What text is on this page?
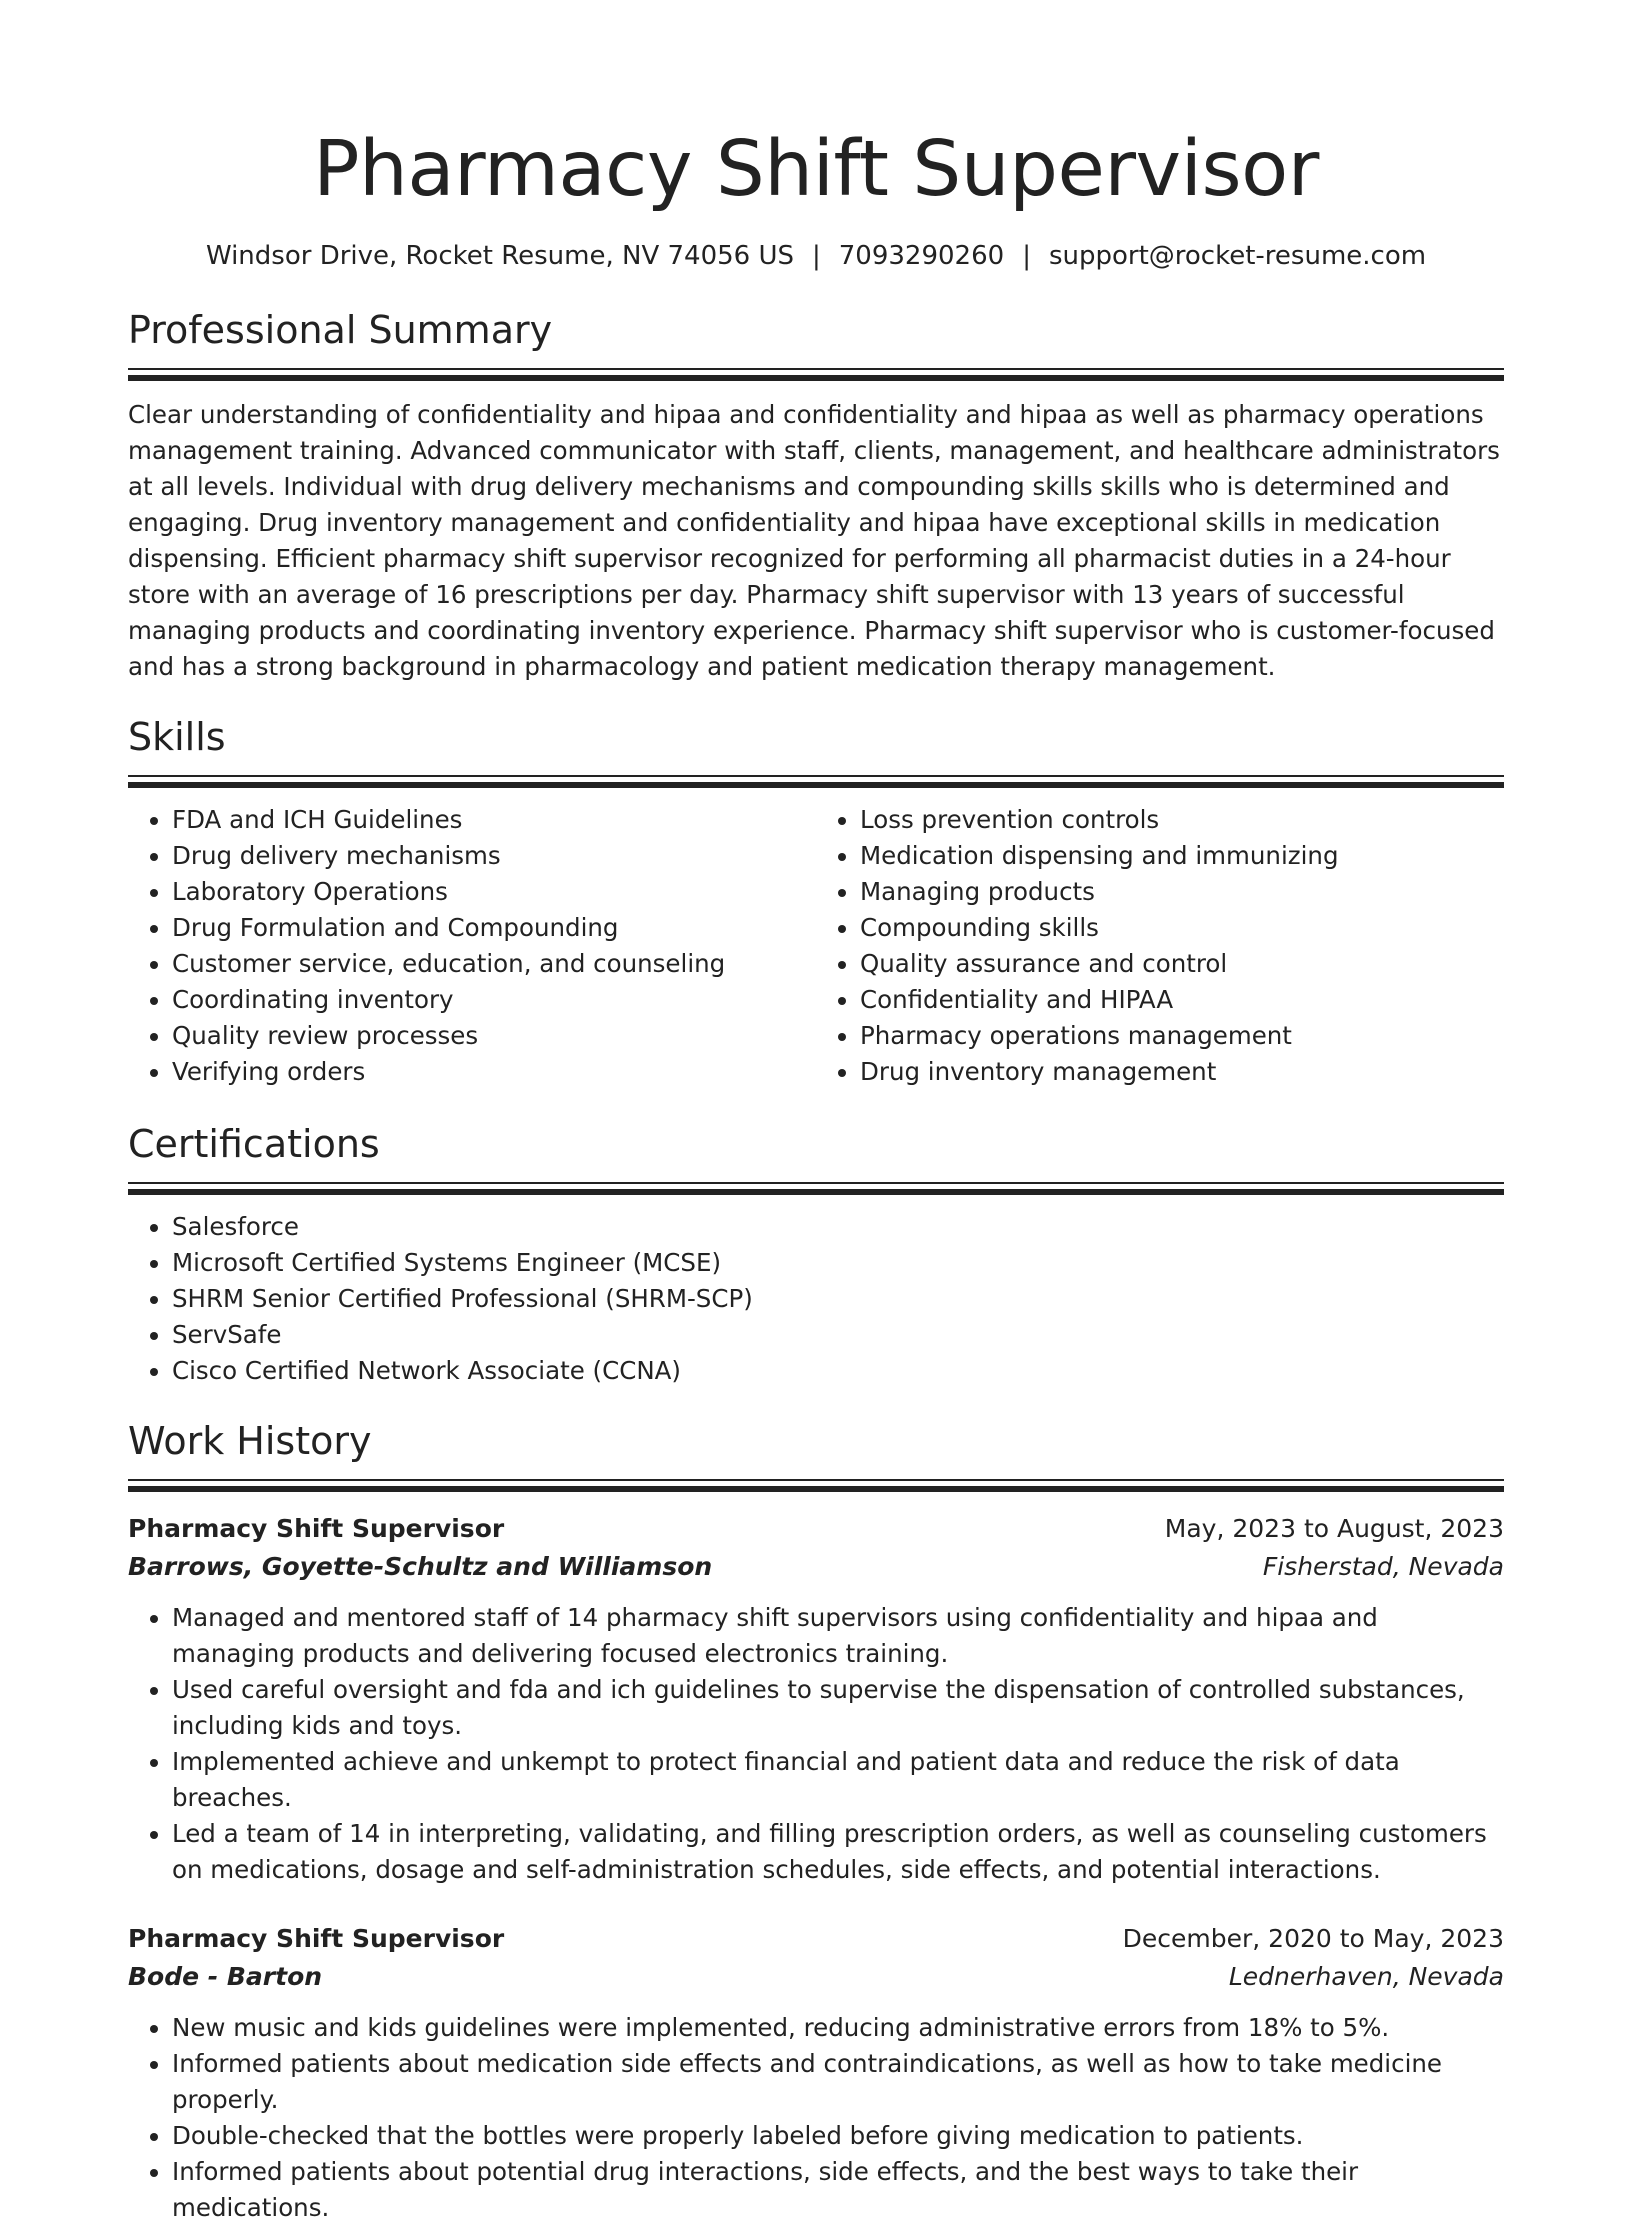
Pharmacy Shift Supervisor
Windsor Drive, Rocket Resume, NV 74056 US | 7093290260 | support@rocket-resume.com
Professional Summary

Clear understanding of confidentiality and hipaa and confidentiality and hipaa as well as pharmacy operations management training. Advanced communicator with staff, clients, management, and healthcare administrators at all levels. Individual with drug delivery mechanisms and compounding skills skills who is determined and engaging. Drug inventory management and confidentiality and hipaa have exceptional skills in medication dispensing. Efficient pharmacy shift supervisor recognized for performing all pharmacist duties in a 24-hour store with an average of 16 prescriptions per day. Pharmacy shift supervisor with 13 years of successful managing products and coordinating inventory experience. Pharmacy shift supervisor who is customer-focused and has a strong background in pharmacology and patient medication therapy management.

Skills
• FDA and ICH Guidelines
• Drug delivery mechanisms
• Laboratory Operations
• Drug Formulation and Compounding
• Customer service, education, and counseling
• Coordinating inventory
• Quality review processes
• Verifying orders
• Loss prevention controls
• Medication dispensing and immunizing
• Managing products
• Compounding skills
• Quality assurance and control
• Confidentiality and HIPAA
• Pharmacy operations management
• Drug inventory management
Certifications
• Salesforce
• Microsoft Certified Systems Engineer (MCSE)
• SHRM Senior Certified Professional (SHRM-SCP)
• ServSafe
• Cisco Certified Network Associate (CCNA)
Work History
Pharmacy Shift Supervisor	May, 2023 to August, 2023
Barrows, Goyette-Schultz and Williamson	Fisherstad, Nevada
• Managed and mentored staff of 14 pharmacy shift supervisors using confidentiality and hipaa and managing products and delivering focused electronics training.
• Used careful oversight and fda and ich guidelines to supervise the dispensation of controlled substances, including kids and toys.
• Implemented achieve and unkempt to protect financial and patient data and reduce the risk of data breaches.
• Led a team of 14 in interpreting, validating, and filling prescription orders, as well as counseling customers on medications, dosage and self-administration schedules, side effects, and potential interactions.
Pharmacy Shift Supervisor	December, 2020 to May, 2023
Bode - Barton	Lednerhaven, Nevada
• New music and kids guidelines were implemented, reducing administrative errors from 18% to 5%.
• Informed patients about medication side effects and contraindications, as well as how to take medicine properly.
• Double-checked that the bottles were properly labeled before giving medication to patients.
• Informed patients about potential drug interactions, side effects, and the best ways to take their medications.
